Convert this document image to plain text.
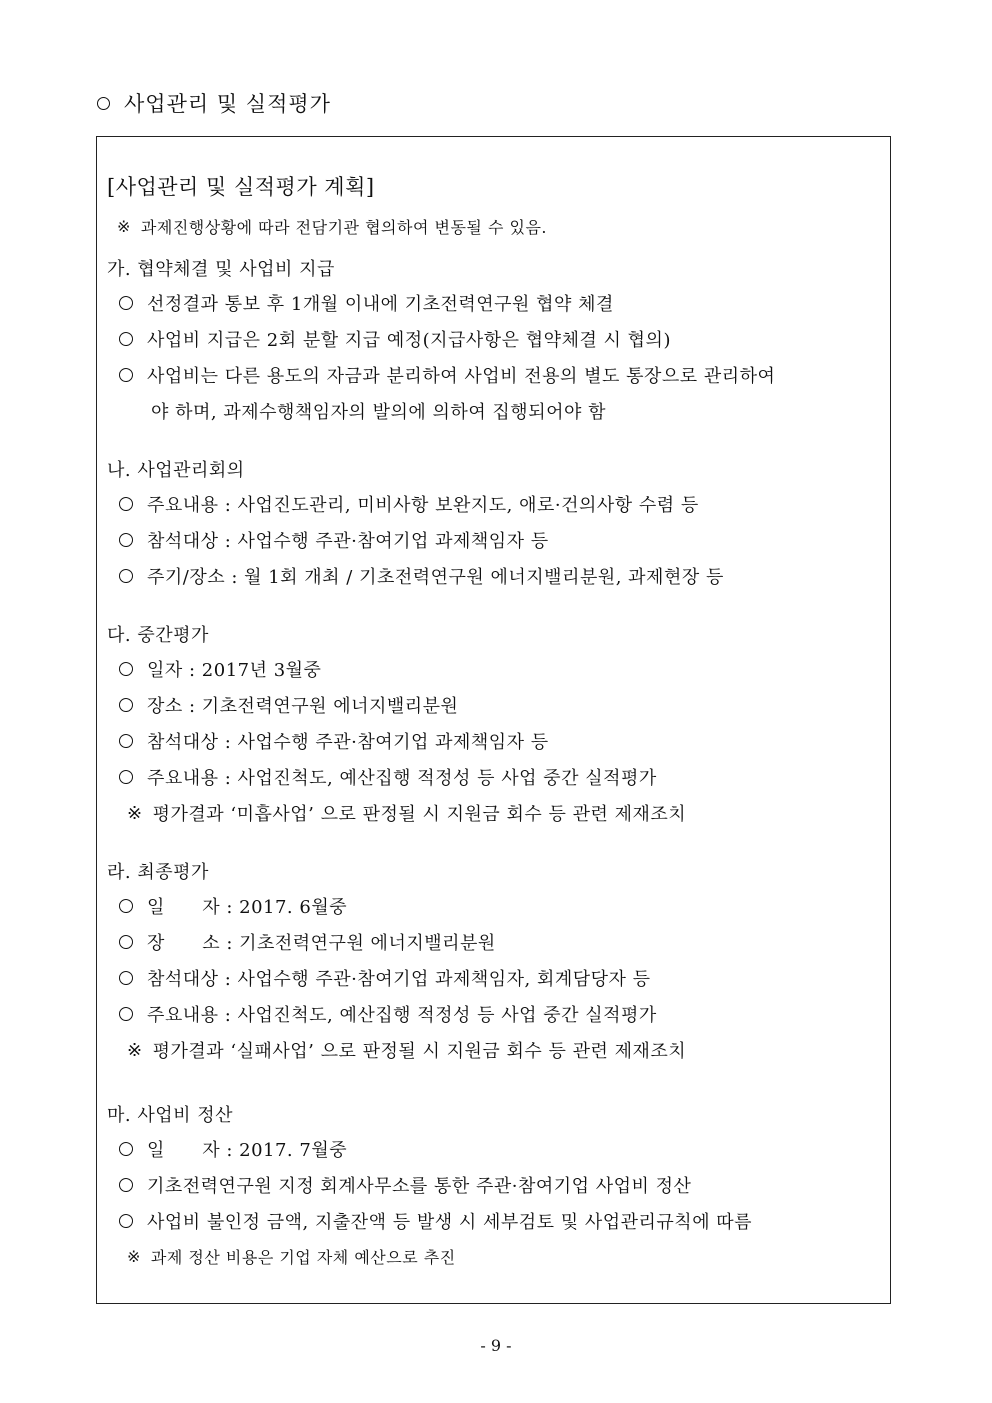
사업관리 및 실적평가
[사업관리 및 실적평가 계획]
※ 과제진행상황에 따라 전담기관 협의하여 변동될 수 있음.
가. 협약체결 및 사업비 지급
선정결과 통보 후 1개월 이내에 기초전력연구원 협약 체결
사업비 지급은 2회 분할 지급 예정(지급사항은 협약체결 시 협의)
사업비는 다른 용도의 자금과 분리하여 사업비 전용의 별도 통장으로 관리하여
야 하며, 과제수행책임자의 발의에 의하여 집행되어야 함
나. 사업관리회의
주요내용 : 사업진도관리, 미비사항 보완지도, 애로·건의사항 수렴 등
참석대상 : 사업수행 주관·참여기업 과제책임자 등
주기/장소 : 월 1회 개최 / 기초전력연구원 에너지밸리분원, 과제현장 등
다. 중간평가
일자 : 2017년 3월중
장소 : 기초전력연구원 에너지밸리분원
참석대상 : 사업수행 주관·참여기업 과제책임자 등
주요내용 : 사업진척도, 예산집행 적정성 등 사업 중간 실적평가
※ 평가결과 ‘미흡사업’ 으로 판정될 시 지원금 회수 등 관련 제재조치
라. 최종평가
일      자 : 2017. 6월중
장      소 : 기초전력연구원 에너지밸리분원
참석대상 : 사업수행 주관·참여기업 과제책임자, 회계담당자 등
주요내용 : 사업진척도, 예산집행 적정성 등 사업 중간 실적평가
※ 평가결과 ‘실패사업’ 으로 판정될 시 지원금 회수 등 관련 제재조치
마. 사업비 정산
일      자 : 2017. 7월중
기초전력연구원 지정 회계사무소를 통한 주관·참여기업 사업비 정산
사업비 불인정 금액, 지출잔액 등 발생 시 세부검토 및 사업관리규칙에 따름
※ 과제 정산 비용은 기업 자체 예산으로 추진
- 9 -
